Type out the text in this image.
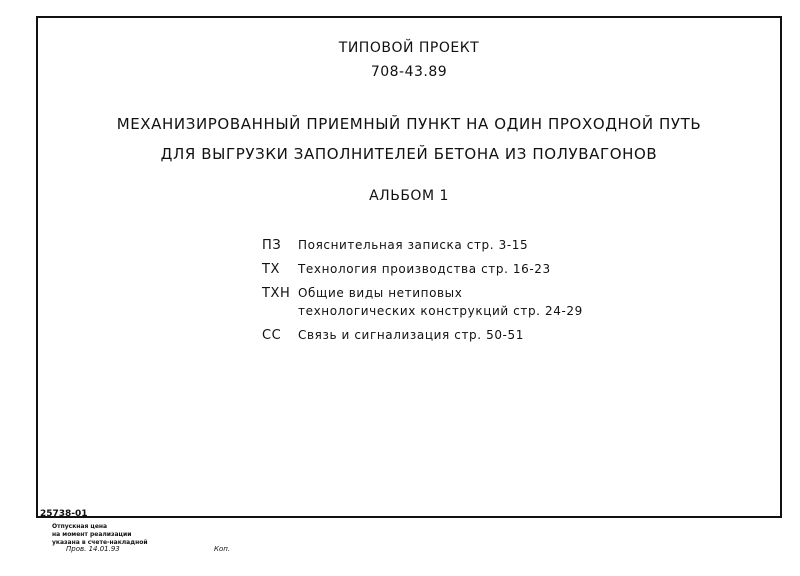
ТИПОВОЙ ПРОЕКТ
708-43.89
МЕХАНИЗИРОВАННЫЙ ПРИЕМНЫЙ ПУНКТ НА ОДИН ПРОХОДНОЙ ПУТЬ
ДЛЯ ВЫГРУЗКИ ЗАПОЛНИТЕЛЕЙ БЕТОНА ИЗ ПОЛУВАГОНОВ
АЛЬБОМ 1
ПЗ Пояснительная записка стр. 3-15
ТХ Технология производства стр. 16-23
ТХН Общие виды нетиповых
технологических конструкций стр. 24-29
СС Связь и сигнализация стр. 50-51
25738-01
Отпускная цена
на момент реализации
указана в счете-накладной
Пров. 14.01.93	Коп.
